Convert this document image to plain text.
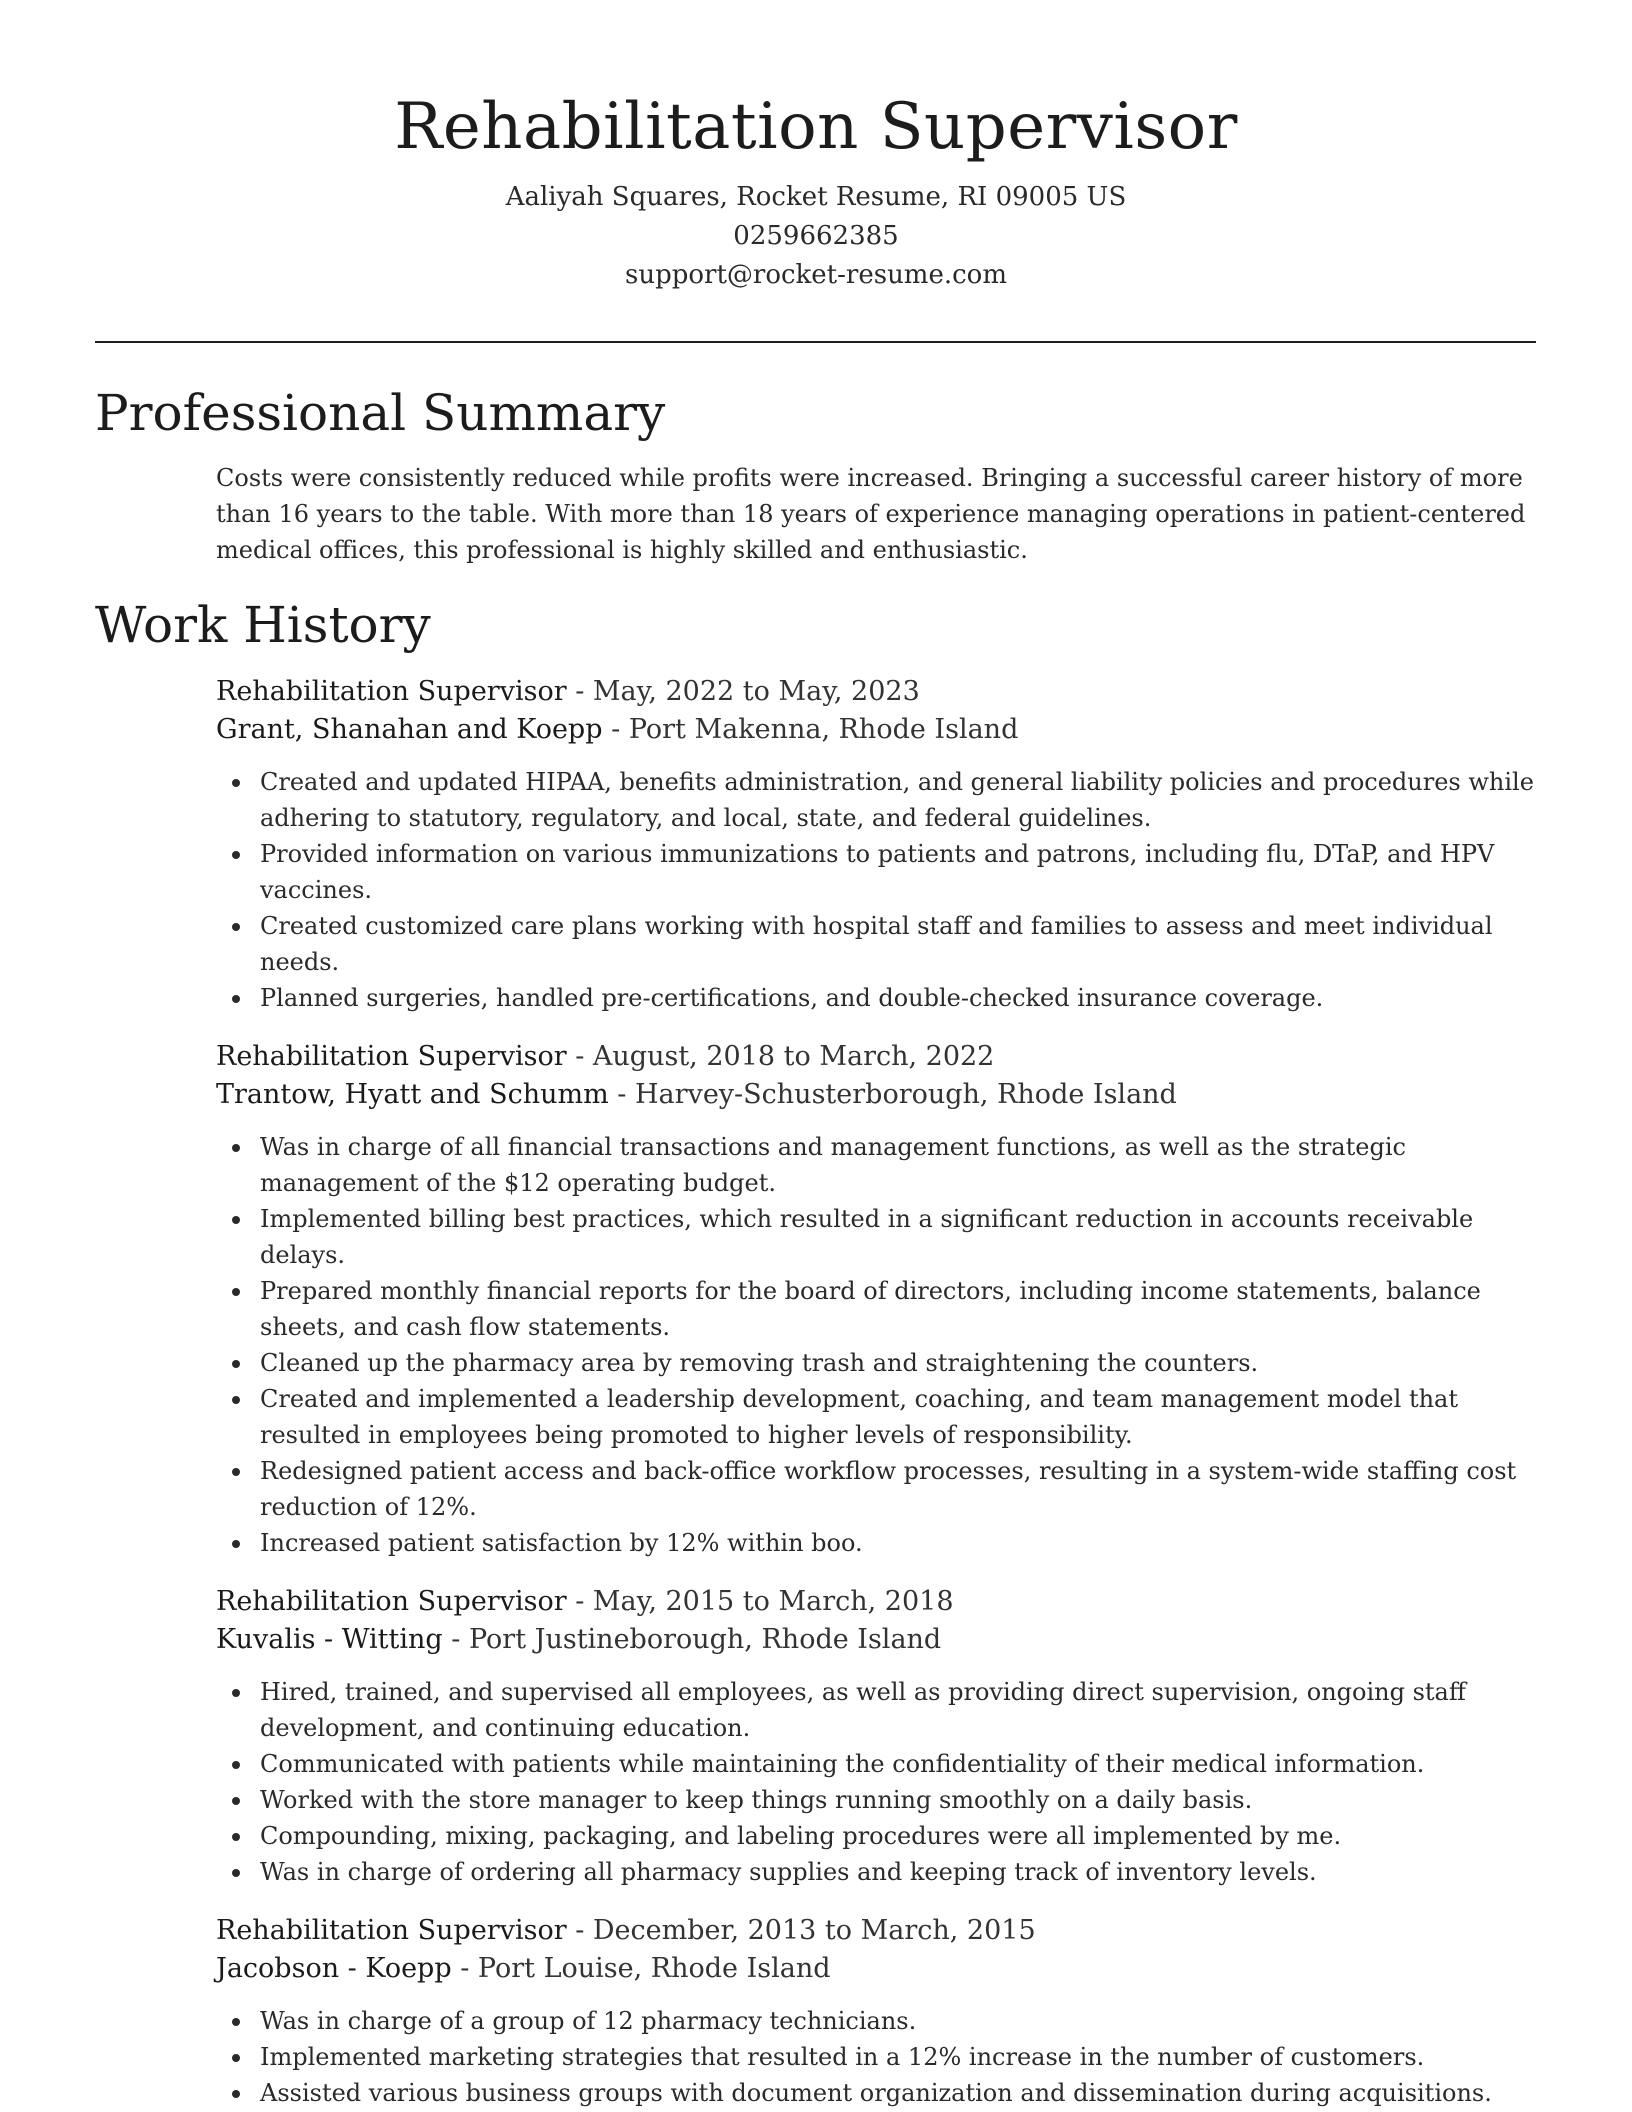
Rehabilitation Supervisor
Aaliyah Squares, Rocket Resume, RI 09005 US
0259662385
support@rocket-resume.com
Professional Summary

Costs were consistently reduced while profits were increased. Bringing a successful career history of more than 16 years to the table. With more than 18 years of experience managing operations in patient-centered medical offices, this professional is highly skilled and enthusiastic.

Work History
Rehabilitation Supervisor - May, 2022 to May, 2023
Grant, Shanahan and Koepp - Port Makenna, Rhode Island
Created and updated HIPAA, benefits administration, and general liability policies and procedures while adhering to statutory, regulatory, and local, state, and federal guidelines.
Provided information on various immunizations to patients and patrons, including flu, DTaP, and HPV vaccines.
Created customized care plans working with hospital staff and families to assess and meet individual needs.
Planned surgeries, handled pre-certifications, and double-checked insurance coverage.
Rehabilitation Supervisor - August, 2018 to March, 2022
Trantow, Hyatt and Schumm - Harvey-Schusterborough, Rhode Island
Was in charge of all financial transactions and management functions, as well as the strategic management of the $12 operating budget.
Implemented billing best practices, which resulted in a significant reduction in accounts receivable delays.
Prepared monthly financial reports for the board of directors, including income statements, balance sheets, and cash flow statements.
Cleaned up the pharmacy area by removing trash and straightening the counters.
Created and implemented a leadership development, coaching, and team management model that resulted in employees being promoted to higher levels of responsibility.
Redesigned patient access and back-office workflow processes, resulting in a system-wide staffing cost reduction of 12%.
Increased patient satisfaction by 12% within boo.
Rehabilitation Supervisor - May, 2015 to March, 2018
Kuvalis - Witting - Port Justineborough, Rhode Island
Hired, trained, and supervised all employees, as well as providing direct supervision, ongoing staff development, and continuing education.
Communicated with patients while maintaining the confidentiality of their medical information.
Worked with the store manager to keep things running smoothly on a daily basis.
Compounding, mixing, packaging, and labeling procedures were all implemented by me.
Was in charge of ordering all pharmacy supplies and keeping track of inventory levels.
Rehabilitation Supervisor - December, 2013 to March, 2015
Jacobson - Koepp - Port Louise, Rhode Island
Was in charge of a group of 12 pharmacy technicians.
Implemented marketing strategies that resulted in a 12% increase in the number of customers.
Assisted various business groups with document organization and dissemination during acquisitions.
